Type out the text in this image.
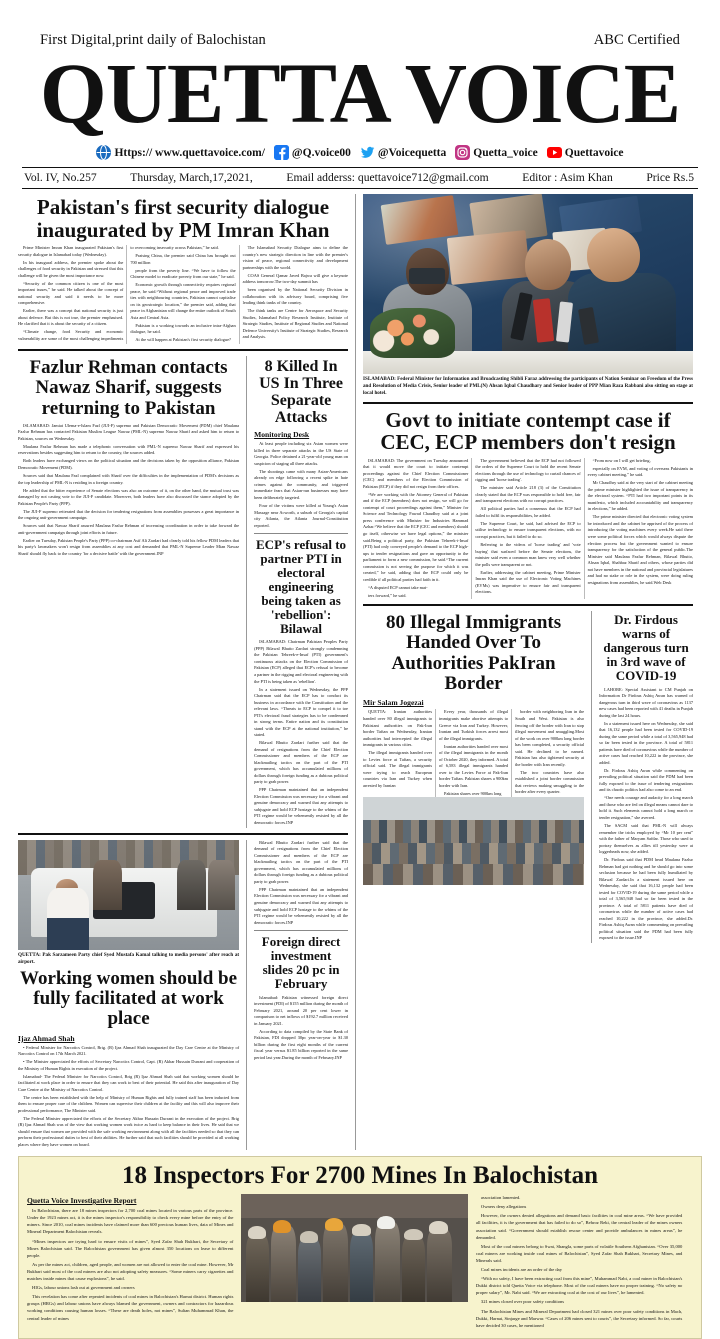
First Digital,print daily of Balochistan	ABC Certified
QUETTA VOICE
Https:// www.quettavoice.com/ @Q.voice00 @Voicequetta Quetta_voice Quettavoice
Vol. IV, No.257	Thursday, March,17,2021,	Email adderss: quettavoice712@gmail.com	Editor : Asim Khan	Price Rs.5
Pakistan's first security dialogue inaugurated by PM Imran Khan

Prime Minister Imran Khan inaugurated Pakistan's first security dialogue in Islamabad today (Wednesday).

In his inaugural address, the premier spoke about the challenges of food security in Pakistan and stressed that this challenge will be given the most importance now.

“Security of the common citizen is one of the most important issues,” he said. He talked about the concept of national security and said it needs to be more comprehensive.

Earlier, there was a concept that national security is just about defence. But this is not true, the premier emphasised. He clarified that it is about the security of a citizen.

“Climate change, food Security and economic vulnerability are some of the most challenging impediments to overcoming insecurity across Pakistan,” he said.

Praising China, the premier said China has brought out 700 million

people from the poverty line. “We have to follow the Chinese model to eradicate poverty from our state,” he said.

Economic growth through connectivity requires regional peace, he said.“Without regional peace and improved trade ties with neighbouring countries, Pakistan cannot capitalise on its geostrategic location,” the premier said, adding that peace in Afghanistan will change the entire outlook of South Asia and Central Asia.

Pakistan is a working towards an inclusive intra-Afghan dialogue, he said.

At the will happen at Pakistan's first security dialogue?

The Islamabad Security Dialogue aims to define the country's new strategic direction in line with the premier's vision of peace, regional connectivity and development partnerships with the world.

COAS General Qamar Javed Bajwa will give a keynote address tomorrow.The two-day summit has

been organised by the National Security Division in collaboration with its advisory board, comprising five leading think tanks of the country.

The think tanks are Centre for Aerospace and Security Studies, Islamabad Policy Research Institute, Institute of Strategic Studies, Institute of Regional Studies and National Defence University's Institute of Strategic Studies, Research and Analysis.

Fazlur Rehman contacts Nawaz Sharif, suggests returning to Pakistan

ISLAMABAD: Jamiat Ulema-e-Islam Fazl (JUI-F) supremo and Pakistan Democratic Movement (PDM) chief Maulana Fazlur Rehman has contacted Pakistan Muslim League Nawaz (PML-N) supremo Nawaz Sharif and asked him to return to Pakistan, sources on Wednesday.

Maulana Fazlur Rehman has made a telephonic conversation with PML-N supremo Nawaz Sharif and expressed his reservations besides suggesting him to return to the country, the sources added.

Both leaders have exchanged views on the political situation and the decisions taken by the opposition alliance, Pakistan Democratic Movement (PDM).

Sources said that Maulana Fazl complained with Sharif over the difficulties in the implementation of PDM's decisions as the top leadership of PML-N is residing in a foreign country.

He added that the bitter experience of Senate elections was also an outcome of it, on the other hand, the mutual trust was damaged by not casting vote to the JUI-F candidate. Moreover, both leaders have also discussed the stance adopted by the Pakistan People's Party (PPP).

The JUI-F supremo reiterated that the decision for tendering resignations from assemblies possesses a great importance in the ongoing anti-government campaign.

Sources said that Nawaz Sharif assured Maulana Fazlur Rehman of increasing coordination in order to take forward the anti-government campaign through joint efforts in future.

Earlier on Tuesday, Pakistan People's Party (PPP) co-chairman Asif Ali Zardari had clearly told his fellow PDM leaders that his party's lawmakers won't resign from assemblies at any cost and demanded that PML-N Supreme Leader Mian Nawaz Sharif should fly back to the country 'for a decisive battle' with the government.INP

8 Killed In US In Three Separate Attacks
Monitoring Desk

At least people including six Asian women were killed in three separate attacks in the US State of Georgia. Police detained a 21-year-old young man on suspicion of staging all three attacks.

The shootings came with many Asian-Americans already on edge following a recent spike in hate crimes against the community, and triggered immediate fears that Asian-run businesses may have been deliberately targeted.

Four of the victims were killed at Young's Asian Massage near Acworth, a suburb of Georgia's capital city Atlanta, the Atlanta Journal-Constitution reported.

ECP's refusal to partner PTI in electoral engineering being taken as 'rebellion': Bilawal

ISLAMABAD: Chairman Pakistan Peoples Party (PPP) Bilawal Bhutto Zardari strongly condemning the Pakistan Tehreek-e-Insaf (PTI) government's continuous attacks on the Election Commission of Pakistan (ECP) alleged that ECP's refusal to become a partner in the rigging and electoral engineering with the PTI is being taken as 'rebellion'.

In a statement issued on Wednesday, the PPP Chairman said that the ECP has to conduct its business in accordance with the Constitution and the relevant laws. “Threats to ECP to compel it to toe PTI's electoral fraud strategies has to be condemned in strong terms. Entire nation and its constitution stand with the ECP at the national institution,” he stated.

Bilawal Bhutto Zardari further said that the demand of resignations from the Chief Election Commissioner and members of the ECP are blackmailing tactics on the part of the PTI government, which has accumulated millions of dollars through foreign funding as a dubious political party to grab power.

PPP Chairman maintained that an independent Election Commission was necessary for a vibrant and genuine democracy and warned that any attempts to subjugate and hold ECP hostage to the whims of the PTI regime would be vehemently resisted by all the democratic forces.INP

QUETTA: Pak Sarzameen Party chief Syed Mustafa Kamal talking to media persons' after reach at airport.
Working women should be fully facilitated at work place
Ijaz Ahmad Shah

• Federal Minister for Narcotics Control, Brig. (R) Ijaz Ahmad Shah inaugurated the Day Care Centre at the Ministry of Narcotics Control on 17th March 2021.

• The Minister appreciated the efforts of Secretary Narcotics Control, Capt. (R) Akbar Hussain Durrani and cooperation of the Ministry of Human Rights in execution of the project.

Islamabad- The Federal Minister for Narcotics Control, Brig (R) Ijaz Ahmad Shah said that working women should be facilitated at work place in order to ensure that they can work to best of their potential. He said this after inauguration of Day Care Centre at the Ministry of Narcotics Control.

The centre has been established with the help of Ministry of Human Rights and fully trained staff has been inducted from them to ensure proper care of the children. Women can supervise their children at the facility and this will also improve their professional performance, The Minister said.

The Federal Minister appreciated the efforts of the Secretary Akbar Hussain Durrani in the execution of the project. Brig (R) Ijaz Ahmad Shah was of the view that working women work twice as hard to keep balance in their lives. He said that we should ensure that women are provided with the safe working environment along with all the facilities needed so that they can perform their professional duties to best of their abilities. He further said that such facilities should be provided at all working places where they have women on board.

Bilawal Bhutto Zardari further said that the demand of resignations from the Chief Election Commissioner and members of the ECP are blackmailing tactics on the part of the PTI government, which has accumulated millions of dollars through foreign funding as a dubious political party to grab power.

PPP Chairman maintained that an independent Election Commission was necessary for a vibrant and genuine democracy and warned that any attempts to subjugate and hold ECP hostage to the whims of the PTI regime would be vehemently resisted by all the democratic forces.INP

Foreign direct investment slides 20 pc in February

Islamabad: Pakistan witnessed foreign direct investment (FDI) of $155 million during the month of February 2021, around 20 per cent lower in comparison to net inflows of $192.7 million received in January 2021.

According to data compiled by the State Bank of Pakistan, FDI dropped 30pc year-on-year to $1.30 billion during the first eight months of the current fiscal year versus $1.85 billion reported in the same period last year.During the month of February.INP

ISLAMABAD: Federal Minister for Information and Broadcasting Shibli Faraz addressing the participants of Nation Seminar on Freedom of the Press and Resolution of Media Crisis, Senior leader of PML(N) Ahsan Iqbal Chaudhary and Senior leader of PPP Mian Raza Rabbani also sitting on stage at local hotel.
Govt to initiate contempt case if CEC, ECP members don't resign

ISLAMABAD: The government on Tuesday announced that it would move the court to initiate contempt proceedings against the Chief Election Commissioner (CEC) and members of the Election Commission of Pakistan (ECP) if they did not resign from their offices.

“We are working with the Attorney General of Pakistan and if the ECP (members) does not resign, we will go for contempt of court proceedings against them,” Minister for Science and Technology Fawad Chaudhry said at a joint press conference with Minister for Industries Hammad Azhar.“We believe that the ECP (CEC and members) should go itself, otherwise we have legal options,” the minister said.Being a political party, the Pakistan Tehreek-i-Insaf (PTI) had only conveyed people's demand to the ECP high-ups to tender resignations and gave an opportunity to the parliament to form a new commission, he said.“The current commission is not serving the purpose for which it was created,” he said, adding that the ECP could only be credible if all political parties had faith in it.

“A disputed ECP cannot take mat-

ters forward,” he said.

The government believed that the ECP had not followed the orders of the Supreme Court to hold the recent Senate elections through the use of technology to curtail chances of rigging and 'horse trading'.

The minister said Article 218 (3) of the Constitution clearly stated that the ECP was responsible to hold free, fair and transparent elections with no corrupt practices.

All political parties had a consensus that the ECP had failed to fulfil its responsibilities, he added.

The Supreme Court, he said, had advised the ECP to utilise technology to ensure transparent elections, with no corrupt practices, but it failed to do so.

Referring to the videos of 'horse trading' and 'vote buying' that surfaced before the Senate elections, the minister said even a common man knew very well whether the polls were transparent or not.

Earlier, addressing the cabinet meeting, Prime Minister Imran Khan said the use of Electronic Voting Machines (EVMs) was imperative to ensure fair and transparent elections.

“From now on I will get briefing,

especially on EVM, and voting of overseas Pakistanis in every cabinet meeting,” he said.

Mr Chaudhry said at the very start of the cabinet meeting the prime minister highlighted the issue of transparency in the electoral system. “PTI had two important points in its manifesto, which included accountability and transparency in elections,” he added.

The prime minister directed that electronic voting system be introduced and the cabinet be apprised of the process of introducing the voting machines every week.He said there were some political forces which would always dispute the election process but the government wanted to ensure transparency for the satisfaction of the general public.The Minister said Maulana Fazlur Rehman, Bilawal Bhutto, Ahsan Iqbal, Shahbaz Sharif and others, whose parties did not have members in the national and provincial legislatures and had no stake or role in the system, were doing ruling resignations from assemblies, he said.Web Desk

80 Illegal Immigrants Handed Over To Authorities PakIran Border
Mir Salam Jogezai

QUETTA: Iranian authorities handed over 80 illegal immigrants to Pakistani authorities on Pak-Iran border Taftan on Wednesday, Iranian authorities had intercepted the illegal immigrants in various cities.

The illegal immigrants handed over to Levies force at Taftan, a security official said. The illegal immigrants were trying to reach European countries via Iran and Turkey when arrested by Iranian

Every year, thousands of illegal immigrants make abortive attempts to Greece via Iran and Turkey. However, Iranian and Turkish forces arrest most of the illegal immigrants.

Iranian authorities handed over most of the illegal immigrants in the month of October 2020, they informed. A total of 6,583 illegal immigrants handed over to the Levies Force at Pak-Iran border Taftan. Pakistan shares a 900km border with Iran.

Pakistan shares over 900km long

border with neighboring Iran in the South and West. Pakistan is also fencing off the border with Iran to stop illegal movement and smuggling.Most of the work on over 900km long border has been completed, a security official said. He declined to be named. Pakistan has also tightened security at the border with Iran recently.

The two countries have also established a joint border commission that reviews making smuggling to the border after every quarter.

Dr. Firdous warns of dangerous turn in 3rd wave of COVID-19

LAHORE: Special Assistant to CM Punjab on Information Dr Firdous Ashiq Awan has warned of dangerous turn in third wave of coronavirus as 1137 new cases had been reported with 41 deaths in Punjab during the last 24 hours.

In a statement issued here on Wednesday, she said that 16,132 people had been tested for COVID-19 during the same period while a total of 3,565,948 had so far been tested in the province. A total of 5811 patients have died of coronavirus while the number of active cases had reached 10,222 in the province, she added.

Dr. Firdous Ashiq Awan while commenting on prevailing political situation said the PDM had been fully exposed to the issue of tendering resignations and its chaotic politics had also come to an end.

“One needs courage and audacity for a long march and those who are fed on illegal means cannot dare to hold it. Such elements cannot hold a long march or tender resignation,” she averred.

The SACM said that PML-N will always remember the tricks employed by “Mr 10 per cent” with the father of Maryam Safdar. Those who used to portray themselves as allies till yesterday were at loggerheads now, she added.

Dr. Firdous said that PDM head Maulana Fazlur Rehman had got nothing and he should go into some seclusion because he had been fully humiliated by Bilawal Zardari.In a statement issued here on Wednesday, she said that 16,132 people had been tested for COVID-19 during the same period while a total of 3,565,948 had so far been tested in the province. A total of 5811 patients have died of coronavirus while the number of active cases had reached 10,222 in the province, she added.Dr. Firdous Ashiq Awan while commenting on prevailing political situation said the PDM had been fully exposed to the issue.INP

18 Inspectors For 2700 Mines In Balochistan
Quetta Voice Investigative Report

In Balochistan, there are 18 mines inspectors for 2,700 coal mines located in various parts of the province. Under the 1923 mines act, it is the mines inspector's responsibility to check every mine before the entry of the miners. Since 2010, coal mines incidents have claimed more than 600 precious human lives, data of Mines and Mineral Department Balochistan reveals.

“Mines inspectors are trying hard to ensure visits of mines”, Syed Zafar Shah Bukhari, the Secretary of Mines Balochistan said. The Balochistan government has given almost 350 locations on lease to different people.

As per the mines act, children, aged people, and women are not allowed to enter the coal mine. However, Mr Bukhari said most of the coal miners are also not adopting safety measures. “Some miners carry cigarettes and matches inside mines that cause explosions”, he said.

HIGs, labour unions lash out at government and owners

This revelation has come after repeated incidents of coal mines in Balochistan's Harnai district. Human rights groups (HRGs) and labour unions have always blamed the government, owners and contractors for hazardous working conditions causing human losses. “These are death holes, not mines”, Sultan Muhammad Khan, the central leader of mines

association lamented.

Owners deny allegations

However, the owners denied allegations and demand basic facilities in coal mine areas. “We have provided all facilities, it is the government that has failed to do so”, Behroz Reki, the central leader of the mines owners association said. “Government should establish rescue center and provide ambulances in mines areas”, he demanded.

Most of the coal miners belong to Swat, Shangla, some parts of volatile Southern Afghanistan. “Over 35,000 coal miners are working inside coal mines of Balochistan”, Syed Zafar Shah Bukhari, Secretary Mines, and Minerals said.

Coal mines incidents are an order of the day

“With no safety, I have been extracting coal from this mine”, Muhammad Nabi, a coal miner in Balochistan's Dukki district told Quetta Voice via telephone. Most of the coal miners have no proper training. “No safety no proper salary”, Mr. Nabi said. “We are extracting coal at the cost of our lives”, he lamented.

321 mines closed over poor safety conditions

The Balochistan Mines and Mineral Department had closed 321 mines over poor safety conditions in Mach, Dukki, Harnai, Sinjarge and Marwar. “Cases of 206 mines sent to courts”, the Secretary informed. So far, courts have decided 30 cases, he mentioned
